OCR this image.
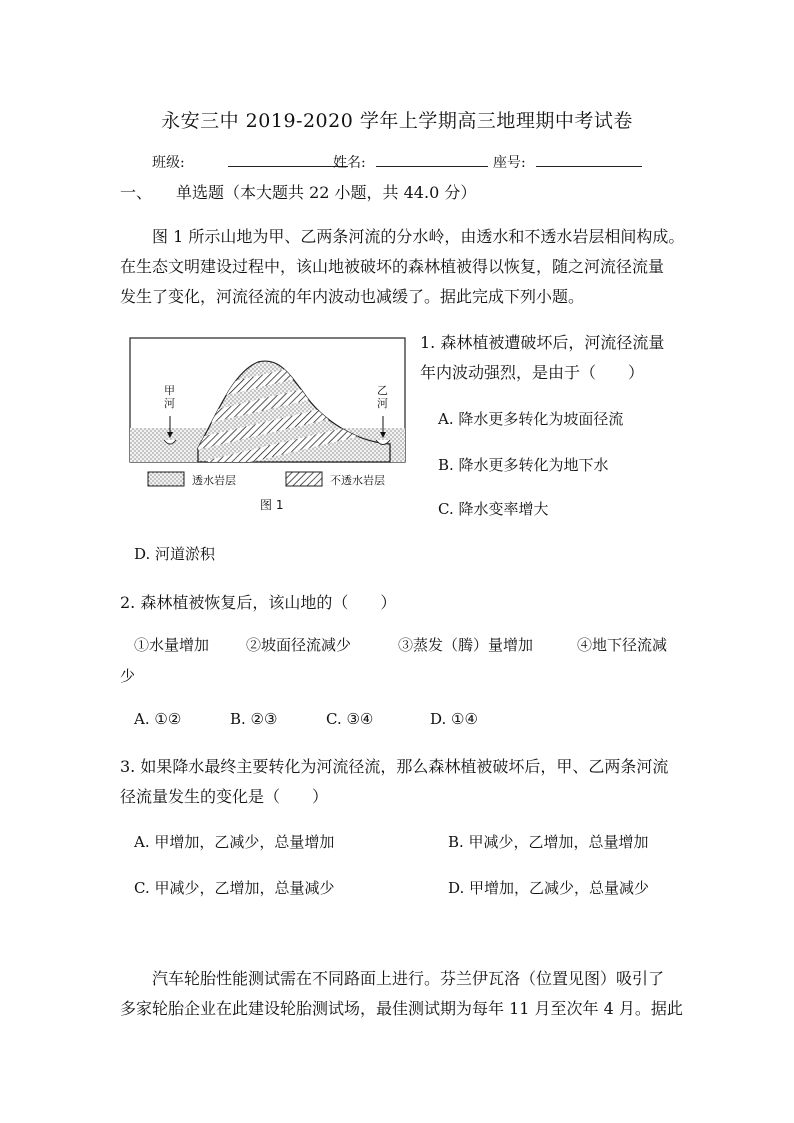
永安三中 2019-2020 学年上学期高三地理期中考试卷
班级:	姓名:	座号:
一、 单选题（本大题共 22 小题，共 44.0 分）
图 1 所示山地为甲、乙两条河流的分水岭，由透水和不透水岩层相间构成。
在生态文明建设过程中，该山地被破坏的森林植被得以恢复，随之河流径流量
发生了变化，河流径流的年内波动也减缓了。据此完成下列小题。
甲
河
乙
河
透水岩层	不透水岩层
图 1
1. 森林植被遭破坏后，河流径流量
年内波动强烈，是由于（　　）
A. 降水更多转化为坡面径流
B. 降水更多转化为地下水
C. 降水变率增大
D. 河道淤积
2. 森林植被恢复后，该山地的（　　）
①水量增加 ②坡面径流减少	③蒸发（腾）量增加	④地下径流减
少
A. ①②	B. ②③	C. ③④	D. ①④
3. 如果降水最终主要转化为河流径流，那么森林植被破坏后，甲、乙两条河流
径流量发生的变化是（　　）
A. 甲增加，乙减少，总量增加	B. 甲减少，乙增加，总量增加
C. 甲减少，乙增加，总量减少	D. 甲增加，乙减少，总量减少
汽车轮胎性能测试需在不同路面上进行。芬兰伊瓦洛（位置见图）吸引了
多家轮胎企业在此建设轮胎测试场，最佳测试期为每年 11 月至次年 4 月。据此
